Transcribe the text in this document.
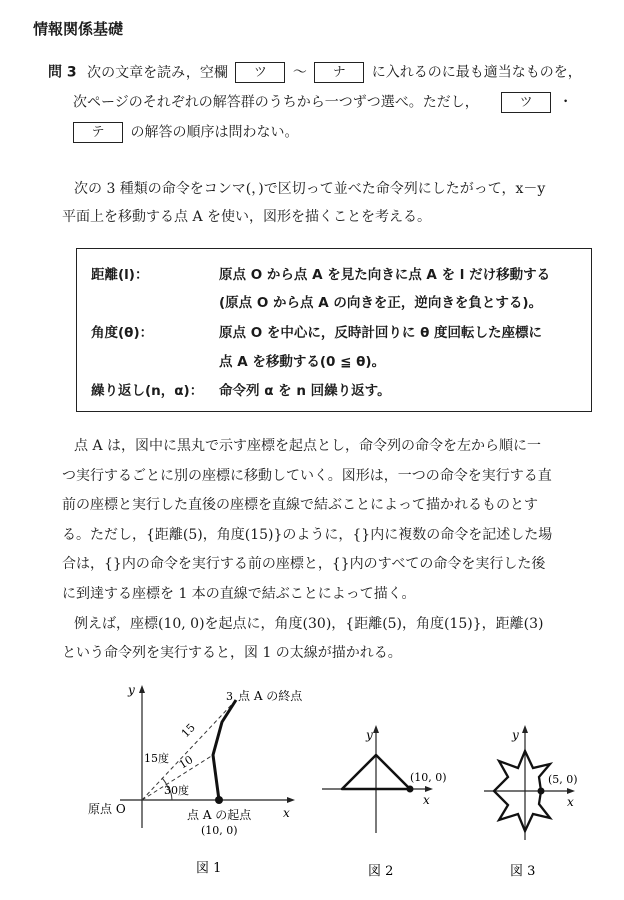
情報関係基礎
問 3 次の文章を読み，空欄 ツ 〜 ナ に入れるのに最も適当なものを，
次ページのそれぞれの解答群のうちから一つずつ選べ。ただし，	ツ ・
テ の解答の順序は問わない。
次の 3 種類の命令をコンマ(，)で区切って並べた命令列にしたがって，x－y
平面上を移動する点 A を使い，図形を描くことを考える。
距離(l)：	原点 O から点 A を見た向きに点 A を l だけ移動する
(原点 O から点 A の向きを正，逆向きを負とする)。
角度(θ)：	原点 O を中心に，反時計回りに θ 度回転した座標に
点 A を移動する(0 ≦ θ)。
繰り返し(n，α)： 命令列 α を n 回繰り返す。
点 A は，図中に黒丸で示す座標を起点とし，命令列の命令を左から順に一
つ実行するごとに別の座標に移動していく。図形は，一つの命令を実行する直
前の座標と実行した直後の座標を直線で結ぶことによって描かれるものとす
る。ただし，{距離(5)，角度(15)}のように，{}内に複数の命令を記述した場
合は，{}内の命令を実行する前の座標と，{}内のすべての命令を実行した後
に到達する座標を 1 本の直線で結ぶことによって描く。
例えば，座標(10, 0)を起点に，角度(30)，{距離(5)，角度(15)}，距離(3)
という命令列を実行すると，図 1 の太線が描かれる。
y
x
原点 O
3 点 A の終点
15
10
15度
30度
点 A の起点
(10, 0)
図 1
y
x
(10, 0)
図 2
y
x
(5, 0)
図 3
